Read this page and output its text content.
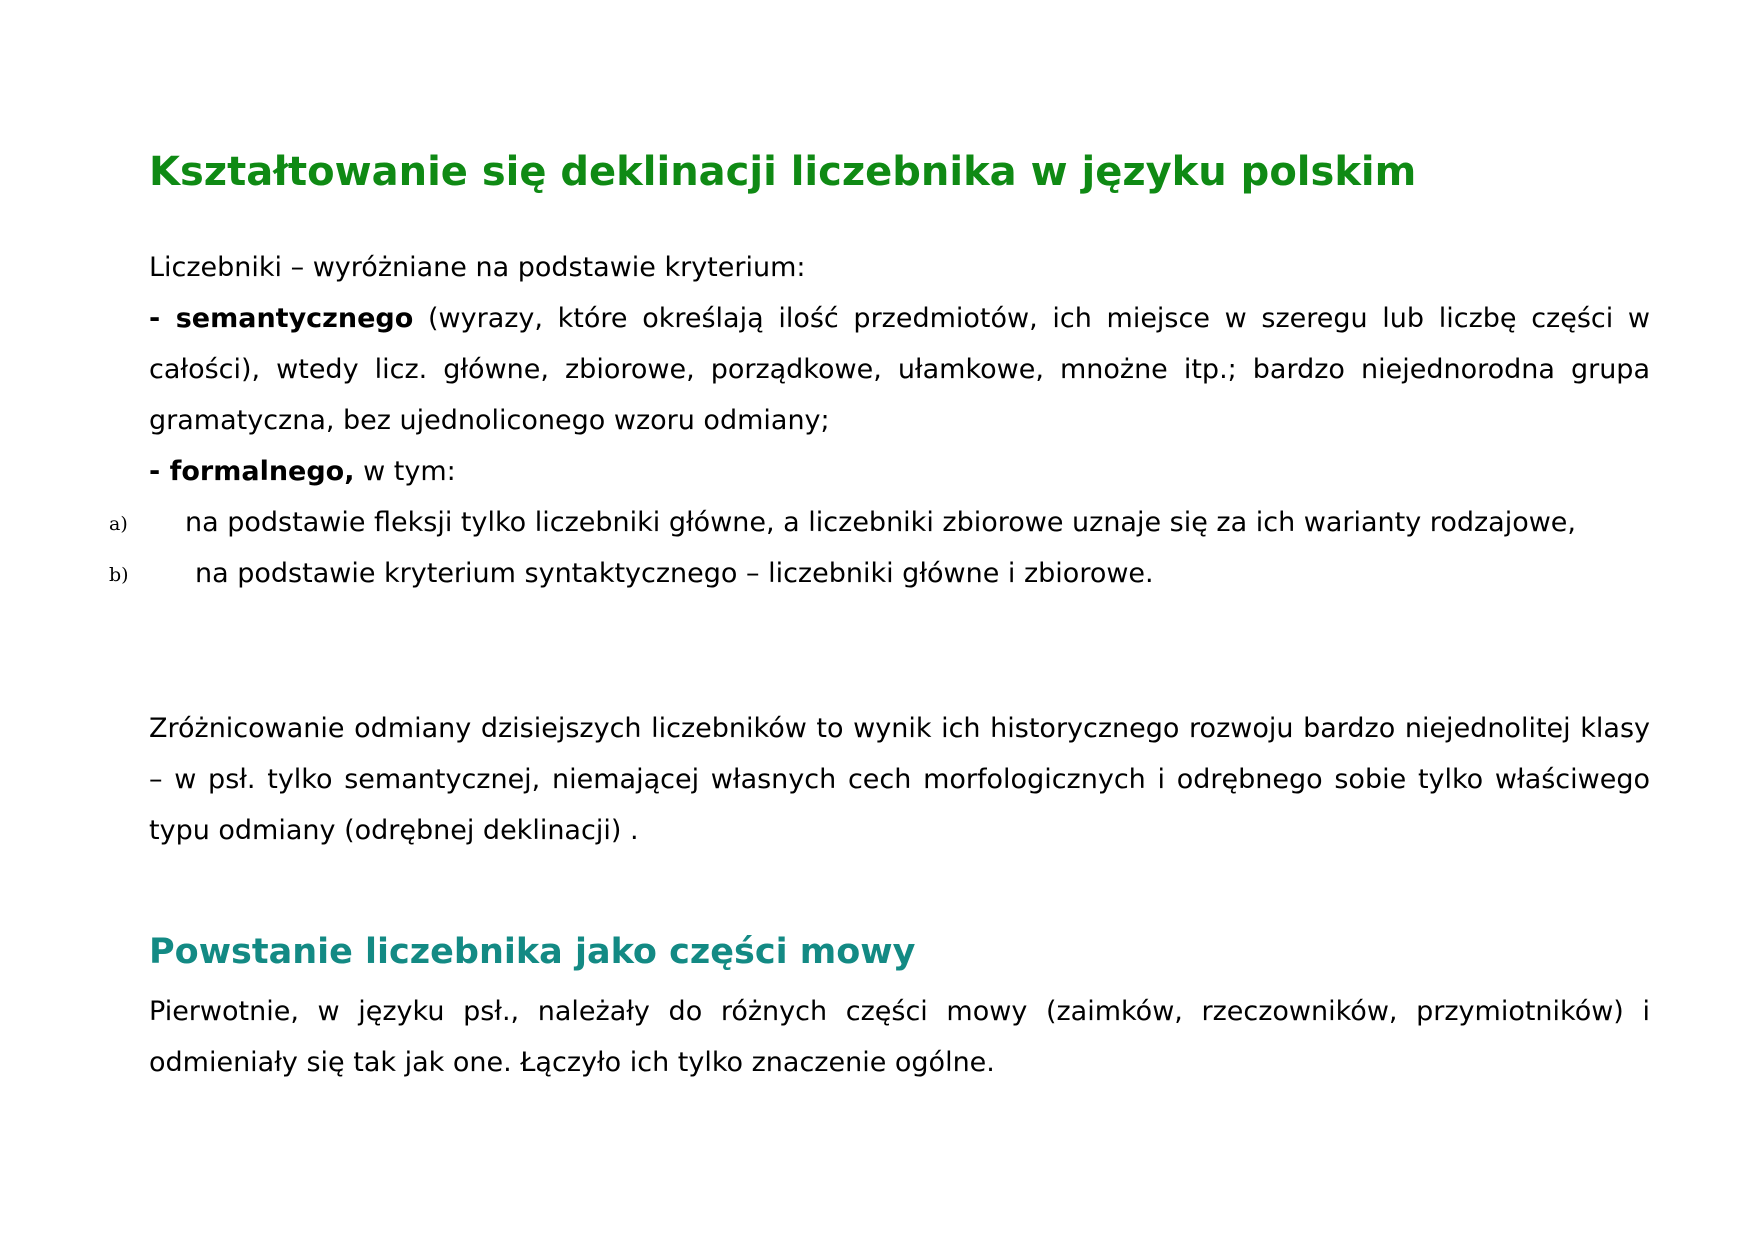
Kształtowanie się deklinacji liczebnika w języku polskim

Liczebniki – wyróżniane na podstawie kryterium:

- semantycznego (wyrazy, które określają ilość przedmiotów, ich miejsce w szeregu lub liczbę części w całości), wtedy licz. główne, zbiorowe, porządkowe, ułamkowe, mnożne itp.; bardzo niejednorodna grupa gramatyczna, bez ujednoliconego wzoru odmiany;

- formalnego, w tym:

a)	na podstawie fleksji tylko liczebniki główne, a liczebniki zbiorowe uznaje się za ich warianty rodzajowe,

b)	na podstawie kryterium syntaktycznego – liczebniki główne i zbiorowe.

Zróżnicowanie odmiany dzisiejszych liczebników to wynik ich historycznego rozwoju bardzo niejednolitej klasy – w psł. tylko semantycznej, niemającej własnych cech morfologicznych i odrębnego sobie tylko właściwego typu odmiany (odrębnej deklinacji) .

Powstanie liczebnika jako części mowy

Pierwotnie, w języku psł., należały do różnych części mowy (zaimków, rzeczowników, przymiotników) i odmieniały się tak jak one. Łączyło ich tylko znaczenie ogólne.
